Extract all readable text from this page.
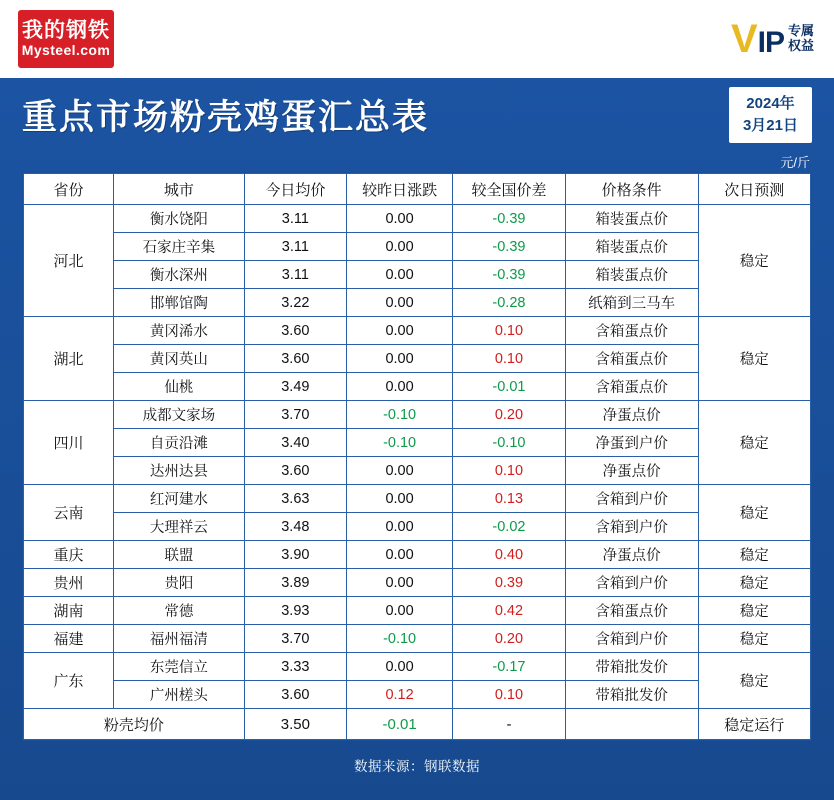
我的钢铁
Mysteel.com	V IP 专属权益
重点市场粉壳鸡蛋汇总表	2024年
3月21日
元/斤
省份	城市	今日均价	较昨日涨跌	较全国价差	价格条件	次日预测
河北	衡水饶阳	3.11	0.00	-0.39	箱装蛋点价	稳定
	石家庄辛集	3.11	0.00	-0.39	箱装蛋点价	
	衡水深州	3.11	0.00	-0.39	箱装蛋点价	
	邯郸馆陶	3.22	0.00	-0.28	纸箱到三马车	
湖北	黄冈浠水	3.60	0.00	0.10	含箱蛋点价	稳定
	黄冈英山	3.60	0.00	0.10	含箱蛋点价	
	仙桃	3.49	0.00	-0.01	含箱蛋点价	
四川	成都文家场	3.70	-0.10	0.20	净蛋点价	稳定
	自贡沿滩	3.40	-0.10	-0.10	净蛋到户价	
	达州达县	3.60	0.00	0.10	净蛋点价	
云南	红河建水	3.63	0.00	0.13	含箱到户价	稳定
	大理祥云	3.48	0.00	-0.02	含箱到户价	
重庆	联盟	3.90	0.00	0.40	净蛋点价	稳定
贵州	贵阳	3.89	0.00	0.39	含箱到户价	稳定
湖南	常德	3.93	0.00	0.42	含箱蛋点价	稳定
福建	福州福清	3.70	-0.10	0.20	含箱到户价	稳定
广东	东莞信立	3.33	0.00	-0.17	带箱批发价	稳定
	广州槎头	3.60	0.12	0.10	带箱批发价	
粉壳均价		3.50	-0.01	-		稳定运行
数据来源：钢联数据
